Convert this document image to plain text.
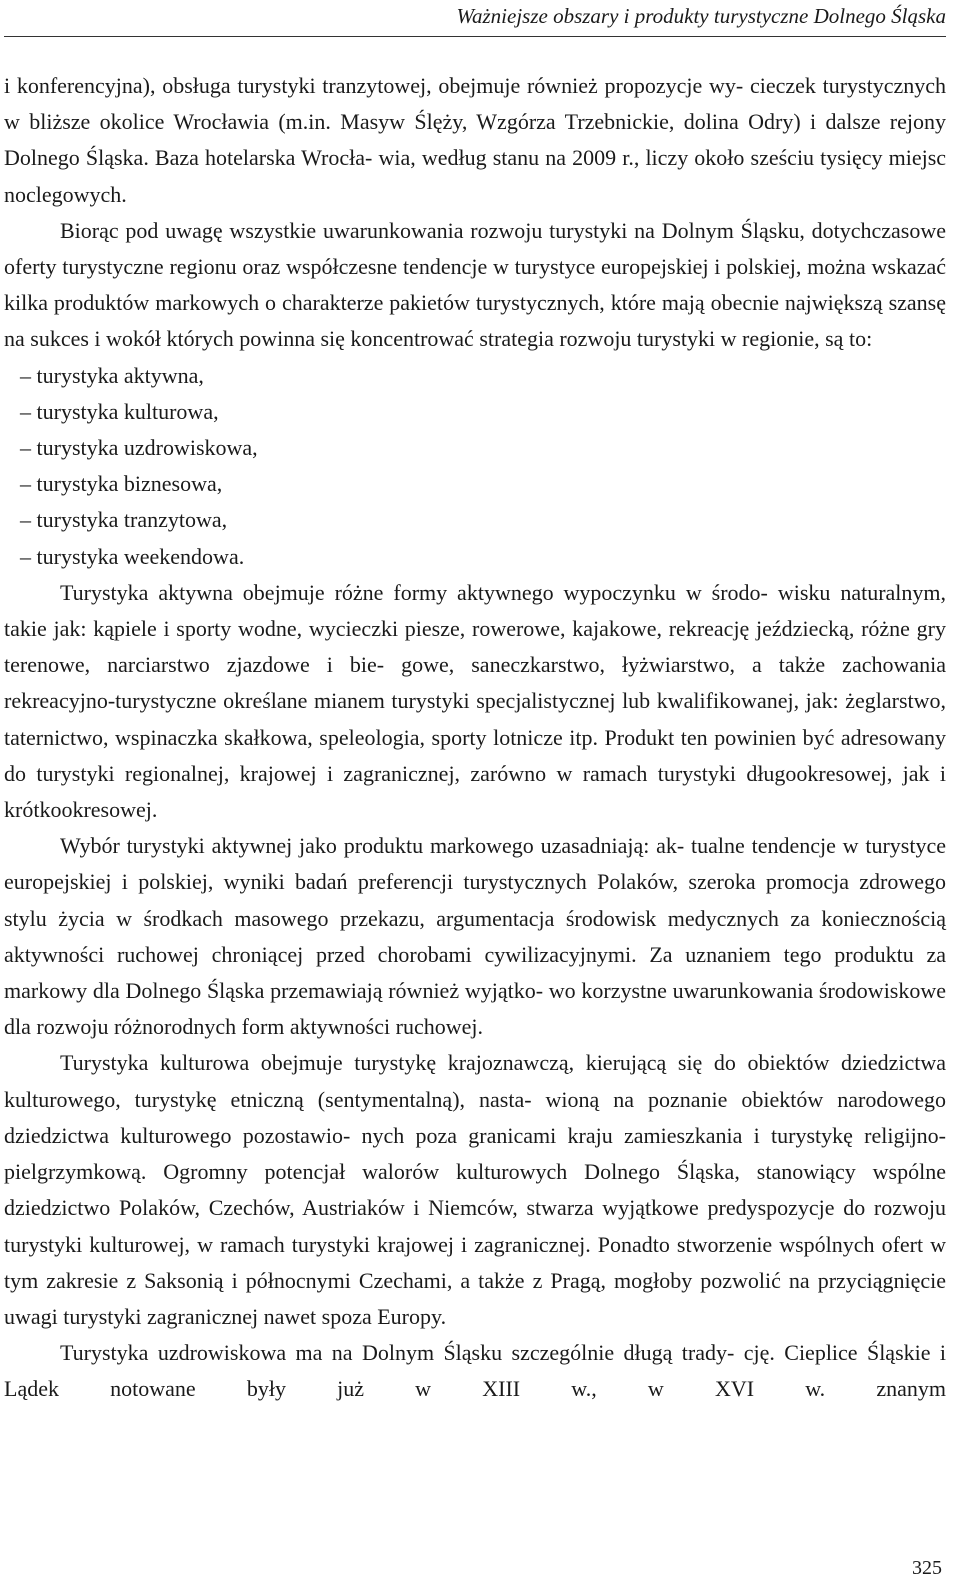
Ważniejsze obszary i produkty turystyczne Dolnego Śląska

i konferencyjna), obsługa turystyki tranzytowej, obejmuje również propozycje wy- cieczek turystycznych w bliższe okolice Wrocławia (m.in. Masyw Ślęży, Wzgórza Trzebnickie, dolina Odry) i dalsze rejony Dolnego Śląska. Baza hotelarska Wrocła- wia, według stanu na 2009 r., liczy około sześciu tysięcy miejsc noclegowych.

Biorąc pod uwagę wszystkie uwarunkowania rozwoju turystyki na Dolnym Śląsku, dotychczasowe oferty turystyczne regionu oraz współczesne tendencje w turystyce europejskiej i polskiej, można wskazać kilka produktów markowych o charakterze pakietów turystycznych, które mają obecnie największą szansę na sukces i wokół których powinna się koncentrować strategia rozwoju turystyki w regionie, są to:

– turystyka aktywna,
– turystyka kulturowa,
– turystyka uzdrowiskowa,
– turystyka biznesowa,
– turystyka tranzytowa,
– turystyka weekendowa.

Turystyka aktywna obejmuje różne formy aktywnego wypoczynku w środo- wisku naturalnym, takie jak: kąpiele i sporty wodne, wycieczki piesze, rowerowe, kajakowe, rekreację jeździecką, różne gry terenowe, narciarstwo zjazdowe i bie- gowe, saneczkarstwo, łyżwiarstwo, a także zachowania rekreacyjno-turystyczne określane mianem turystyki specjalistycznej lub kwalifikowanej, jak: żeglarstwo, taternictwo, wspinaczka skałkowa, speleologia, sporty lotnicze itp. Produkt ten powinien być adresowany do turystyki regionalnej, krajowej i zagranicznej, zarówno w ramach turystyki długookresowej, jak i krótkookresowej.

Wybór turystyki aktywnej jako produktu markowego uzasadniają: ak- tualne tendencje w turystyce europejskiej i polskiej, wyniki badań preferencji turystycznych Polaków, szeroka promocja zdrowego stylu życia w środkach masowego przekazu, argumentacja środowisk medycznych za koniecznością aktywności ruchowej chroniącej przed chorobami cywilizacyjnymi. Za uznaniem tego produktu za markowy dla Dolnego Śląska przemawiają również wyjątko- wo korzystne uwarunkowania środowiskowe dla rozwoju różnorodnych form aktywności ruchowej.

Turystyka kulturowa obejmuje turystykę krajoznawczą, kierującą się do obiektów dziedzictwa kulturowego, turystykę etniczną (sentymentalną), nasta- wioną na poznanie obiektów narodowego dziedzictwa kulturowego pozostawio- nych poza granicami kraju zamieszkania i turystykę religijno-pielgrzymkową. Ogromny potencjał walorów kulturowych Dolnego Śląska, stanowiący wspólne dziedzictwo Polaków, Czechów, Austriaków i Niemców, stwarza wyjątkowe predyspozycje do rozwoju turystyki kulturowej, w ramach turystyki krajowej i zagranicznej. Ponadto stworzenie wspólnych ofert w tym zakresie z Saksonią i północnymi Czechami, a także z Pragą, mogłoby pozwolić na przyciągnięcie uwagi turystyki zagranicznej nawet spoza Europy.

Turystyka uzdrowiskowa ma na Dolnym Śląsku szczególnie długą trady- cję. Cieplice Śląskie i Lądek notowane były już w XIII w., w XVI w. znanym

325
